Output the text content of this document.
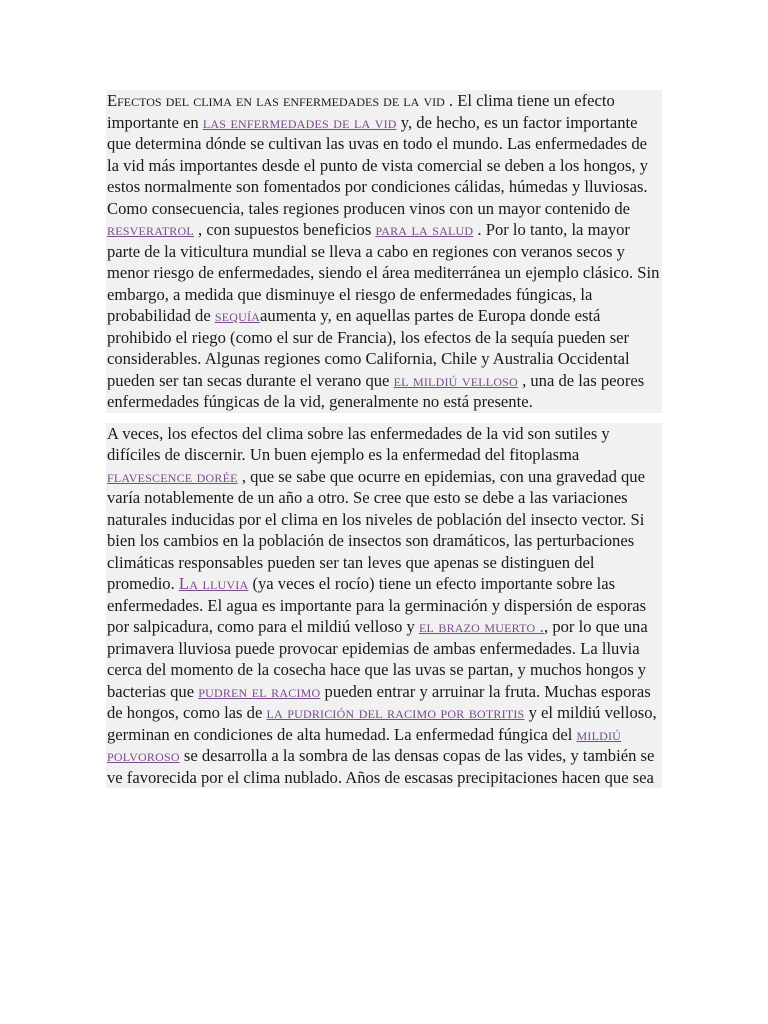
Efectos del clima en las enfermedades de la vid . El clima tiene un efecto importante en las enfermedades de la vid y, de hecho, es un factor importante que determina dónde se cultivan las uvas en todo el mundo. Las enfermedades de la vid más importantes desde el punto de vista comercial se deben a los hongos, y estos normalmente son fomentados por condiciones cálidas, húmedas y lluviosas. Como consecuencia, tales regiones producen vinos con un mayor contenido de resveratrol , con supuestos beneficios para la salud . Por lo tanto, la mayor parte de la viticultura mundial se lleva a cabo en regiones con veranos secos y menor riesgo de enfermedades, siendo el área mediterránea un ejemplo clásico. Sin embargo, a medida que disminuye el riesgo de enfermedades fúngicas, la probabilidad de sequíaaumenta y, en aquellas partes de Europa donde está prohibido el riego (como el sur de Francia), los efectos de la sequía pueden ser considerables. Algunas regiones como California, Chile y Australia Occidental pueden ser tan secas durante el verano que el mildiú velloso , una de las peores enfermedades fúngicas de la vid, generalmente no está presente.

A veces, los efectos del clima sobre las enfermedades de la vid son sutiles y difíciles de discernir. Un buen ejemplo es la enfermedad del fitoplasma flavescence dorée , que se sabe que ocurre en epidemias, con una gravedad que varía notablemente de un año a otro. Se cree que esto se debe a las variaciones naturales inducidas por el clima en los niveles de población del insecto vector. Si bien los cambios en la población de insectos son dramáticos, las perturbaciones climáticas responsables pueden ser tan leves que apenas se distinguen del promedio. La lluvia (ya veces el rocío) tiene un efecto importante sobre las enfermedades. El agua es importante para la germinación y dispersión de esporas por salpicadura, como para el mildiú velloso y el brazo muerto ., por lo que una primavera lluviosa puede provocar epidemias de ambas enfermedades. La lluvia cerca del momento de la cosecha hace que las uvas se partan, y muchos hongos y bacterias que pudren el racimo pueden entrar y arruinar la fruta. Muchas esporas de hongos, como las de la pudrición del racimo por botritis y el mildiú velloso, germinan en condiciones de alta humedad. La enfermedad fúngica del mildiú polvoroso se desarrolla a la sombra de las densas copas de las vides, y también se ve favorecida por el clima nublado. Años de escasas precipitaciones hacen que sea
